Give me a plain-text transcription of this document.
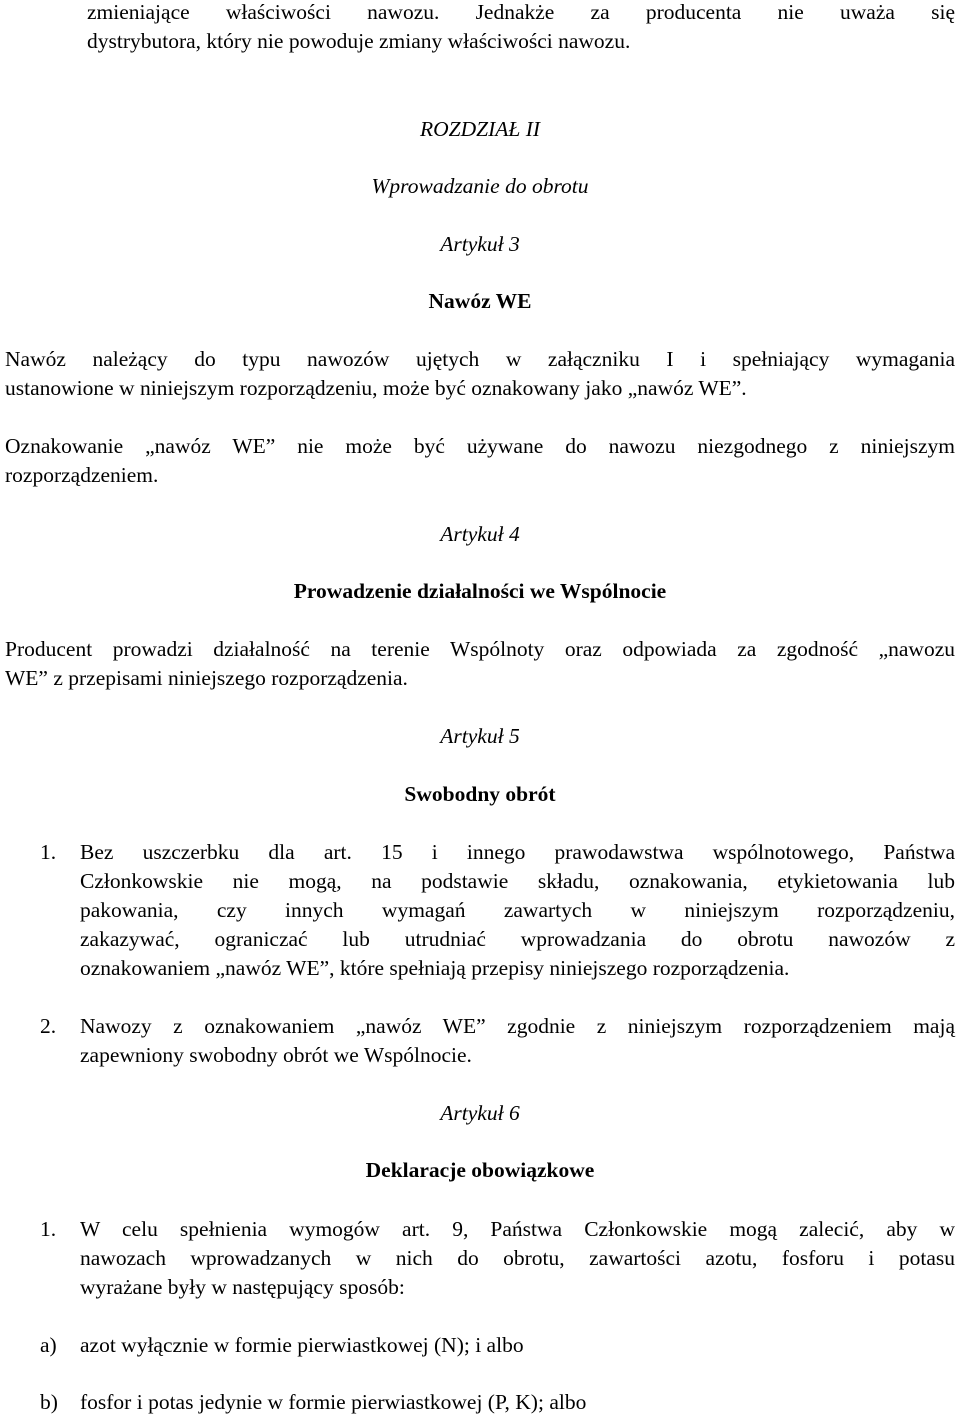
zmieniające właściwości nawozu. Jednakże za producenta nie uważa się
dystrybutora, który nie powoduje zmiany właściwości nawozu.
ROZDZIAŁ II
Wprowadzanie do obrotu
Artykuł 3
Nawóz WE
Nawóz należący do typu nawozów ujętych w załączniku I i spełniający wymagania
ustanowione w niniejszym rozporządzeniu, może być oznakowany jako „nawóz WE”.
Oznakowanie „nawóz WE” nie może być używane do nawozu niezgodnego z niniejszym
rozporządzeniem.
Artykuł 4
Prowadzenie działalności we Wspólnocie
Producent prowadzi działalność na terenie Wspólnoty oraz odpowiada za zgodność „nawozu
WE” z przepisami niniejszego rozporządzenia.
Artykuł 5
Swobodny obrót
1. Bez uszczerbku dla art. 15 i innego prawodawstwa wspólnotowego, Państwa
Członkowskie nie mogą, na podstawie składu, oznakowania, etykietowania lub
pakowania, czy innych wymagań zawartych w niniejszym rozporządzeniu,
zakazywać, ograniczać lub utrudniać wprowadzania do obrotu nawozów z
oznakowaniem „nawóz WE”, które spełniają przepisy niniejszego rozporządzenia.
2. Nawozy z oznakowaniem „nawóz WE” zgodnie z niniejszym rozporządzeniem mają
zapewniony swobodny obrót we Wspólnocie.
Artykuł 6
Deklaracje obowiązkowe
1. W celu spełnienia wymogów art. 9, Państwa Członkowskie mogą zalecić, aby w
nawozach wprowadzanych w nich do obrotu, zawartości azotu, fosforu i potasu
wyrażane były w następujący sposób:
a) azot wyłącznie w formie pierwiastkowej (N); i albo
b) fosfor i potas jedynie w formie pierwiastkowej (P, K); albo
